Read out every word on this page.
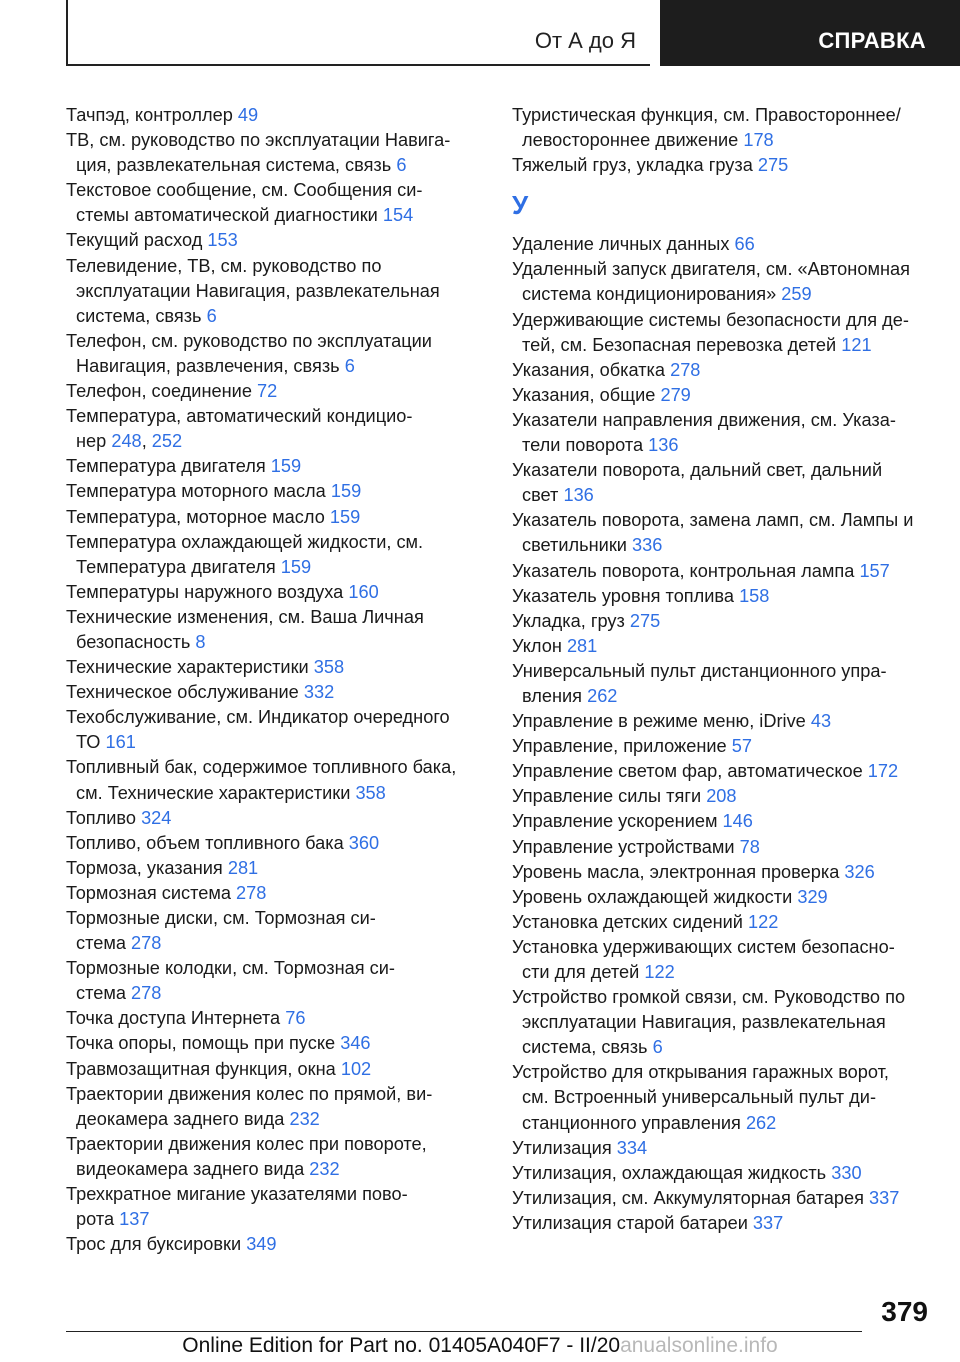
От А до Я	СПРАВКА
Тачпэд, контроллер 49
ТВ, см. руководство по эксплуатации Навига-
ция, развлекательная система, связь 6
Текстовое сообщение, см. Сообщения си-
стемы автоматической диагностики 154
Текущий расход 153
Телевидение, ТВ, см. руководство по
эксплуатации Навигация, развлекательная
система, связь 6
Телефон, см. руководство по эксплуатации
Навигация, развлечения, связь 6
Телефон, соединение 72
Температура, автоматический кондицио-
нер 248, 252
Температура двигателя 159
Температура моторного масла 159
Температура, моторное масло 159
Температура охлаждающей жидкости, см.
Температура двигателя 159
Температуры наружного воздуха 160
Технические изменения, см. Ваша Личная
безопасность 8
Технические характеристики 358
Техническое обслуживание 332
Техобслуживание, см. Индикатор очередного
ТО 161
Топливный бак, содержимое топливного бака,
см. Технические характеристики 358
Топливо 324
Топливо, объем топливного бака 360
Тормоза, указания 281
Тормозная система 278
Тормозные диски, см. Тормозная си-
стема 278
Тормозные колодки, см. Тормозная си-
стема 278
Точка доступа Интернета 76
Точка опоры, помощь при пуске 346
Травмозащитная функция, окна 102
Траектории движения колес по прямой, ви-
деокамера заднего вида 232
Траектории движения колес при повороте,
видеокамера заднего вида 232
Трехкратное мигание указателями пово-
рота 137
Трос для буксировки 349
Туристическая функция, см. Правостороннее/
левостороннее движение 178
Тяжелый груз, укладка груза 275
У
Удаление личных данных 66
Удаленный запуск двигателя, см. «Автономная
система кондиционирования» 259
Удерживающие системы безопасности для де-
тей, см. Безопасная перевозка детей 121
Указания, обкатка 278
Указания, общие 279
Указатели направления движения, см. Указа-
тели поворота 136
Указатели поворота, дальний свет, дальний
свет 136
Указатель поворота, замена ламп, см. Лампы и
светильники 336
Указатель поворота, контрольная лампа 157
Указатель уровня топлива 158
Укладка, груз 275
Уклон 281
Универсальный пульт дистанционного упра-
вления 262
Управление в режиме меню, iDrive 43
Управление, приложение 57
Управление светом фар, автоматическое 172
Управление силы тяги 208
Управление ускорением 146
Управление устройствами 78
Уровень масла, электронная проверка 326
Уровень охлаждающей жидкости 329
Установка детских сидений 122
Установка удерживающих систем безопасно-
сти для детей 122
Устройство громкой связи, см. Руководство по
эксплуатации Навигация, развлекательная
система, связь 6
Устройство для открывания гаражных ворот,
см. Встроенный универсальный пульт ди-
станционного управления 262
Утилизация 334
Утилизация, охлаждающая жидкость 330
Утилизация, см. Аккумуляторная батарея 337
Утилизация старой батареи 337
379
Online Edition for Part no. 01405A040F7 - II/20anualsonline.info
